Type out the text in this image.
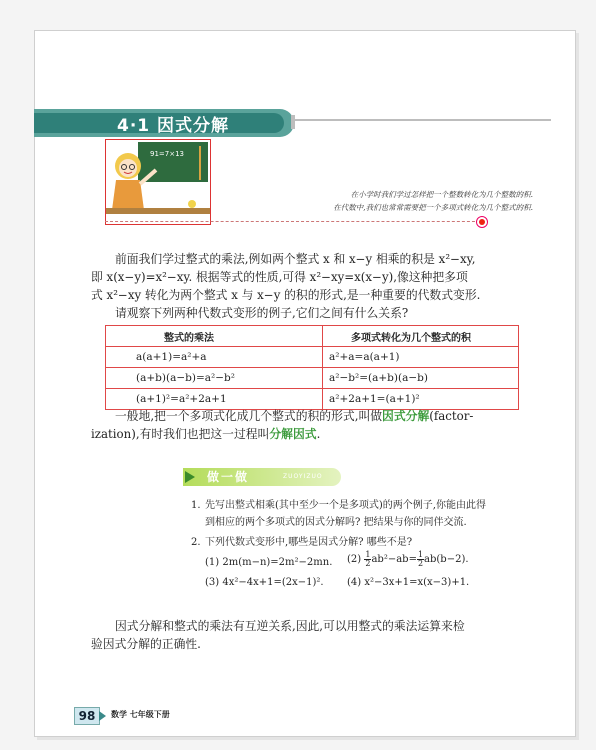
4·1 因式分解
91=7×13
在小学时我们学过怎样把一个整数转化为几个整数的积.
在代数中,我们也常常需要把一个多项式转化为几个整式的积.
前面我们学过整式的乘法,例如两个整式 x 和 x−y 相乘的积是 x²−xy,
即 x(x−y)=x²−xy. 根据等式的性质,可得 x²−xy=x(x−y),像这种把多项
式 x²−xy 转化为两个整式 x 与 x−y 的积的形式,是一种重要的代数式变形.
请观察下列两种代数式变形的例子,它们之间有什么关系?
整式的乘法	多项式转化为几个整式的积
a(a+1)=a²+a	a²+a=a(a+1)
(a+b)(a−b)=a²−b²	a²−b²=(a+b)(a−b)
(a+1)²=a²+2a+1	a²+2a+1=(a+1)²
一般地,把一个多项式化成几个整式的积的形式,叫做因式分解(factor-
ization),有时我们也把这一过程叫分解因式.
做一做	ZUOYIZUO
1. 先写出整式相乘(其中至少一个是多项式)的两个例子,你能由此得
到相应的两个多项式的因式分解吗? 把结果与你的同伴交流.
2. 下列代数式变形中,哪些是因式分解? 哪些不是?
(1) 2m(m−n)=2m²−2mn. $(2) \frac{1}{2} ab^2-ab= \frac{1}{2} ab(b-2)$.
(3) 4x²−4x+1=(2x−1)². (4) x²−3x+1=x(x−3)+1.
因式分解和整式的乘法有互逆关系,因此,可以用整式的乘法运算来检
验因式分解的正确性.
98	数学 七年级下册
